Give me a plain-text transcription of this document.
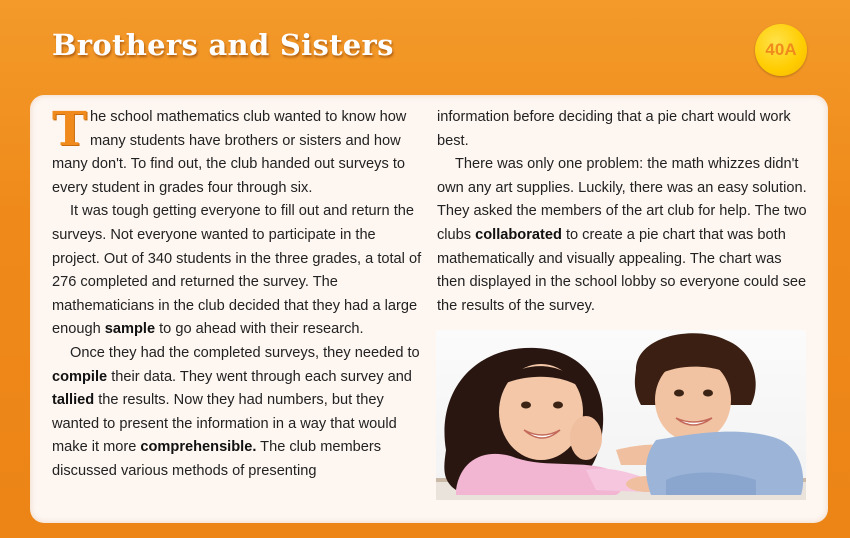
Brothers and Sisters	40A

The school mathematics club wanted to know how many students have brothers or sisters and how many don't. To find out, the club handed out surveys to every student in grades four through six.

It was tough getting everyone to fill out and return the surveys. Not everyone wanted to participate in the project. Out of 340 students in the three grades, a total of 276 completed and returned the survey. The mathematicians in the club decided that they had a large enough sample to go ahead with their research.

Once they had the completed surveys, they needed to compile their data. They went through each survey and tallied the results. Now they had numbers, but they wanted to present the information in a way that would make it more comprehensible. The club members discussed various methods of presenting

information before deciding that a pie chart would work best.

There was only one problem: the math whizzes didn't own any art supplies. Luckily, there was an easy solution. They asked the members of the art club for help. The two clubs collaborated to create a pie chart that was both mathematically and visually appealing. The chart was then displayed in the school lobby so everyone could see the results of the survey.
